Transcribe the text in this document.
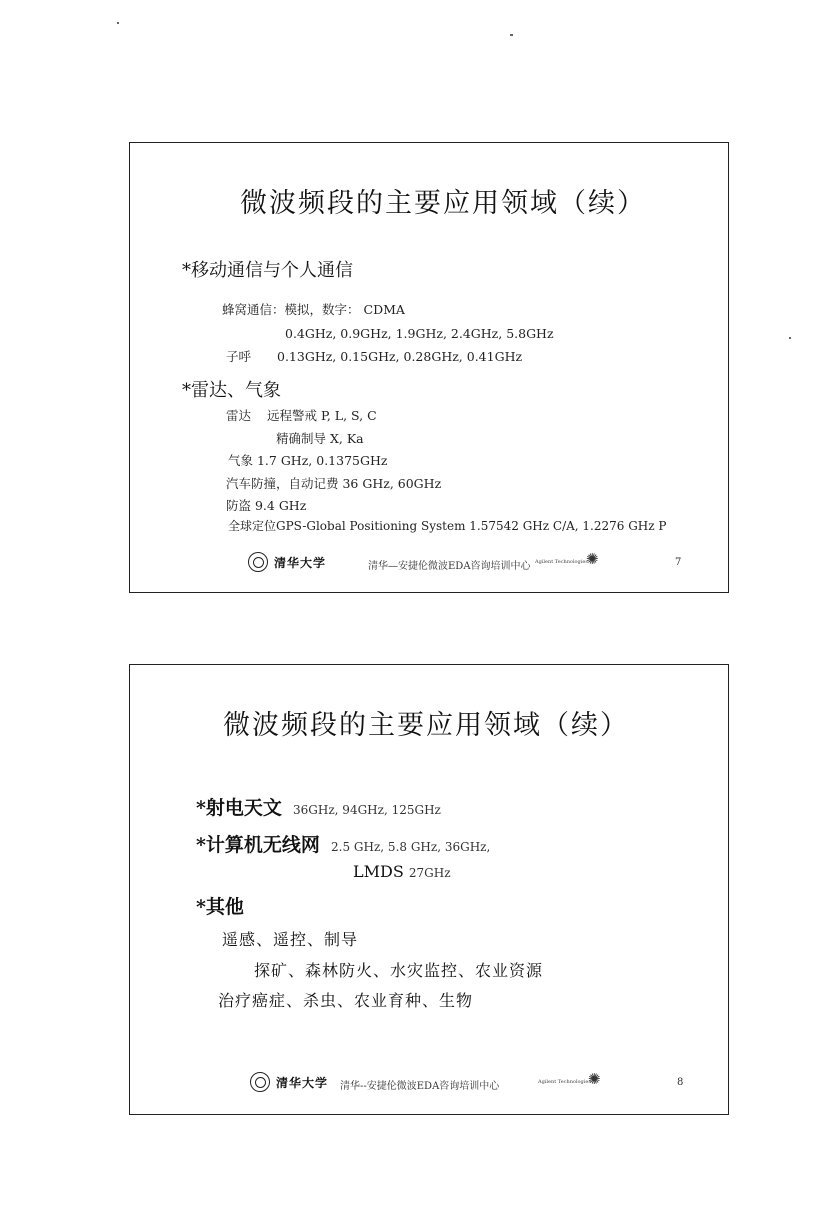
微波频段的主要应用领域（续）
*移动通信与个人通信
蜂窝通信：模拟，数字： CDMA
0.4GHz, 0.9GHz, 1.9GHz, 2.4GHz, 5.8GHz
子呼 0.13GHz, 0.15GHz, 0.28GHz, 0.41GHz
*雷达、气象
雷达 远程警戒 P, L, S, C
精确制导 X, Ka
气象 1.7 GHz, 0.1375GHz
汽车防撞，自动记费 36 GHz, 60GHz
防盗 9.4 GHz
全球定位GPS-Global Positioning System 1.57542 GHz C/A, 1.2276 GHz P
清华大学	清华—安捷伦微波EDA咨询培训中心 Agilent Technologies
✺	7
微波频段的主要应用领域（续）
*射电天文 36GHz, 94GHz, 125GHz
*计算机无线网 2.5 GHz, 5.8 GHz, 36GHz,
LMDS 27GHz
*其他
遥感、遥控、制导
探矿、森林防火、水灾监控、农业资源
治疗癌症、杀虫、农业育种、生物
清华大学 清华--安捷伦微波EDA咨询培训中心	Agilent Technologies
✺	8
